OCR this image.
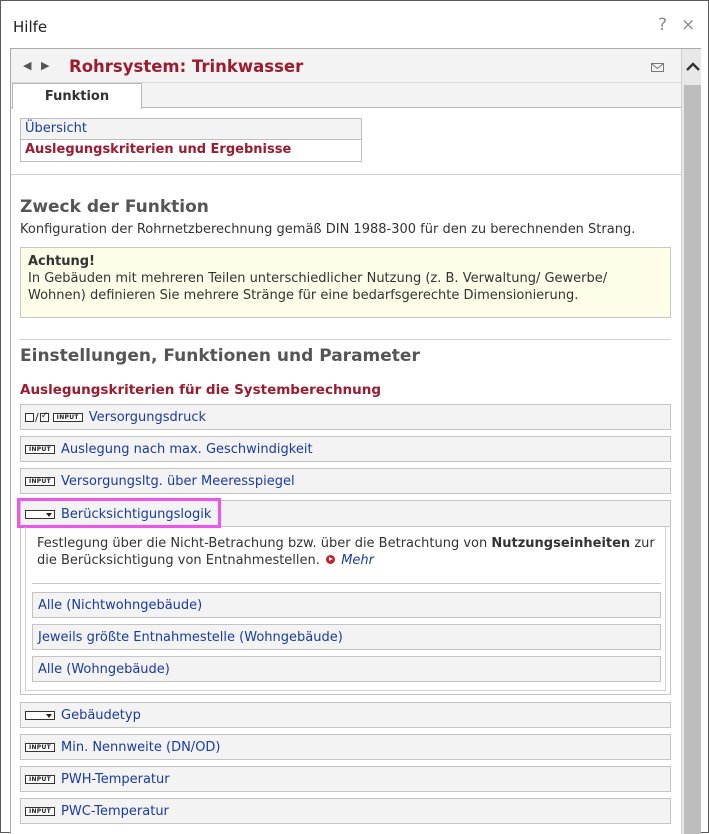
Hilfe	? ×
◀ ▶ Rohrsystem: Trinkwasser
Funktion
Übersicht
Auslegungskriterien und Ergebnisse
Zweck der Funktion
Konfiguration der Rohrnetzberechnung gemäß DIN 1988-300 für den zu berechnenden Strang.
Achtung!
In Gebäuden mit mehreren Teilen unterschiedlicher Nutzung (z. B. Verwaltung/ Gewerbe/ Wohnen) definieren Sie mehrere Stränge für eine bedarfsgerechte Dimensionierung.
Einstellungen, Funktionen und Parameter
Auslegungskriterien für die Systemberechnung
/
✓	INPUT Versorgungsdruck
INPUT Auslegung nach max. Geschwindigkeit
INPUT Versorgungsltg. über Meeresspiegel
Berücksichtigungslogik
Festlegung über die Nicht-Betrachung bzw. über die Betrachtung von Nutzungseinheiten zur die Berücksichtigung von Entnahmestellen.  Mehr
Alle (Nichtwohngebäude)
Jeweils größte Entnahmestelle (Wohngebäude)
Alle (Wohngebäude)
Gebäudetyp
INPUT Min. Nennweite (DN/OD)
INPUT PWH-Temperatur
INPUT PWC-Temperatur
